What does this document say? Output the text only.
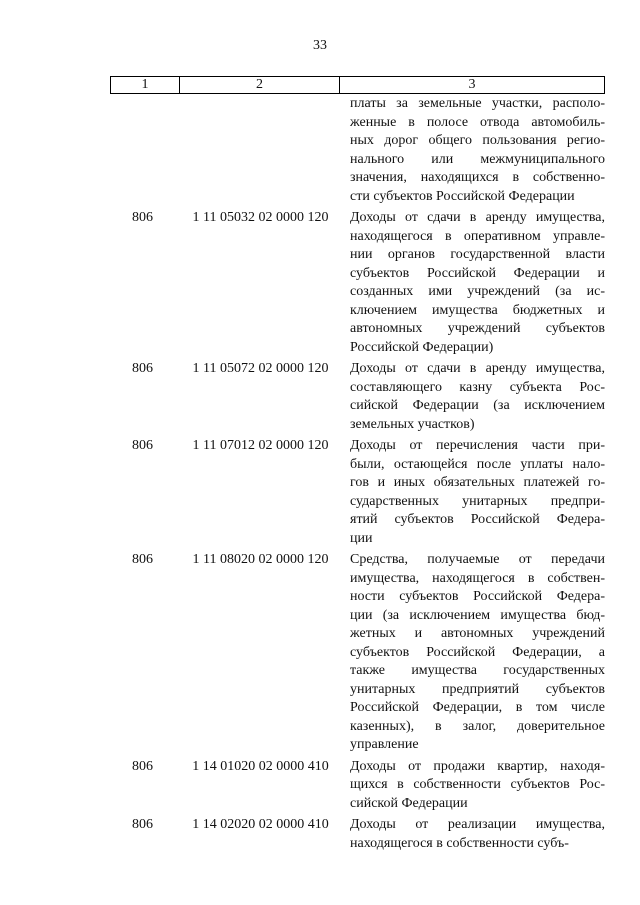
33
1	2	3
платы за земельные участки, располо-
женные в полосе отвода автомобиль-
ных дорог общего пользования регио-
нального или межмуниципального
значения, находящихся в собственно-
сти субъектов Российской Федерации
806	1 11 05032 02 0000 120	Доходы от сдачи в аренду имущества,
находящегося в оперативном управле-
нии органов государственной власти
субъектов Российской Федерации и
созданных ими учреждений (за ис-
ключением имущества бюджетных и
автономных учреждений субъектов
Российской Федерации)
806	1 11 05072 02 0000 120	Доходы от сдачи в аренду имущества,
составляющего казну субъекта Рос-
сийской Федерации (за исключением
земельных участков)
806	1 11 07012 02 0000 120	Доходы от перечисления части при-
были, остающейся после уплаты нало-
гов и иных обязательных платежей го-
сударственных унитарных предпри-
ятий субъектов Российской Федера-
ции
806	1 11 08020 02 0000 120	Средства, получаемые от передачи
имущества, находящегося в собствен-
ности субъектов Российской Федера-
ции (за исключением имущества бюд-
жетных и автономных учреждений
субъектов Российской Федерации, а
также имущества государственных
унитарных предприятий субъектов
Российской Федерации, в том числе
казенных), в залог, доверительное
управление
806	1 14 01020 02 0000 410	Доходы от продажи квартир, находя-
щихся в собственности субъектов Рос-
сийской Федерации
806	1 14 02020 02 0000 410	Доходы от реализации имущества,
находящегося в собственности субъ-
